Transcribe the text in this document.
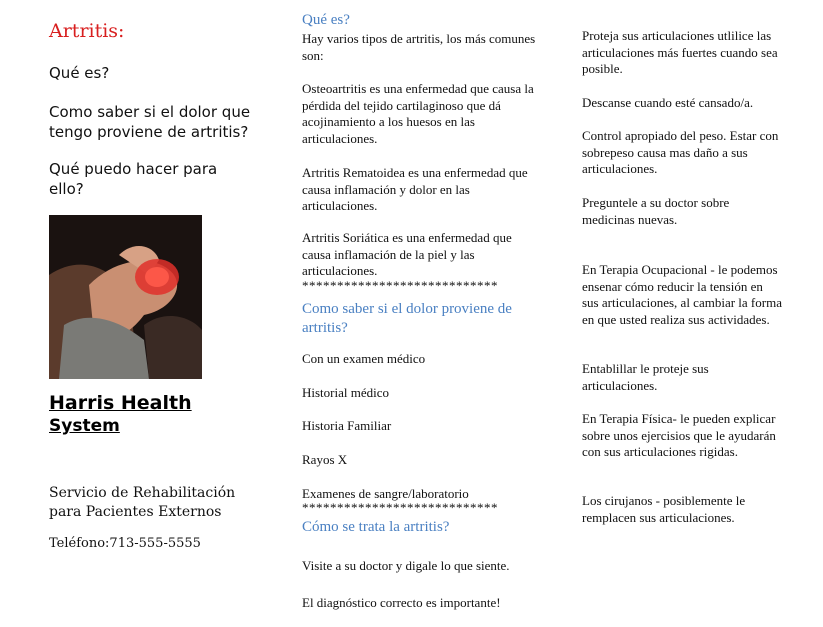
Artritis:
Qué es?
Como saber si el dolor que tengo proviene de artritis?
Qué puedo hacer para ello?
Harris Health
System
Servicio de Rehabilitación para Pacientes Externos
Teléfono:713-555-5555
Qué es?
Hay varios tipos de artritis, los más comunes son:
Osteoartritis es una enfermedad que causa la pérdida del tejido cartilaginoso que dá acojinamiento a los huesos en las articulaciones.
Artritis Rematoidea es una enfermedad que causa inflamación y dolor en las articulaciones.
Artritis Soriática es una enfermedad que causa inflamación de la piel y las articulaciones.
****************************
Como saber si el dolor proviene de artritis?
Con un examen médico
Historial médico
Historia Familiar
Rayos X
Examenes de sangre/laboratorio
****************************
Cómo se trata la artritis?
Visite a su doctor y digale lo que siente.
El diagnóstico correcto es importante!
Proteja sus articulaciones utlilice las articulaciones más fuertes cuando sea posible.
Descanse cuando esté cansado/a.
Control apropiado del peso. Estar con sobrepeso causa mas daño a sus articulaciones.
Preguntele a su doctor sobre medicinas nuevas.
En Terapia Ocupacional - le podemos ensenar cómo reducir la tensión en sus articulaciones, al cambiar la forma en que usted realiza sus actividades.
Entablillar le proteje sus articulaciones.
En Terapia Física- le pueden explicar sobre unos ejercisios que le ayudarán con sus articulaciones rigidas.
Los cirujanos - posiblemente le remplacen sus articulaciones.
